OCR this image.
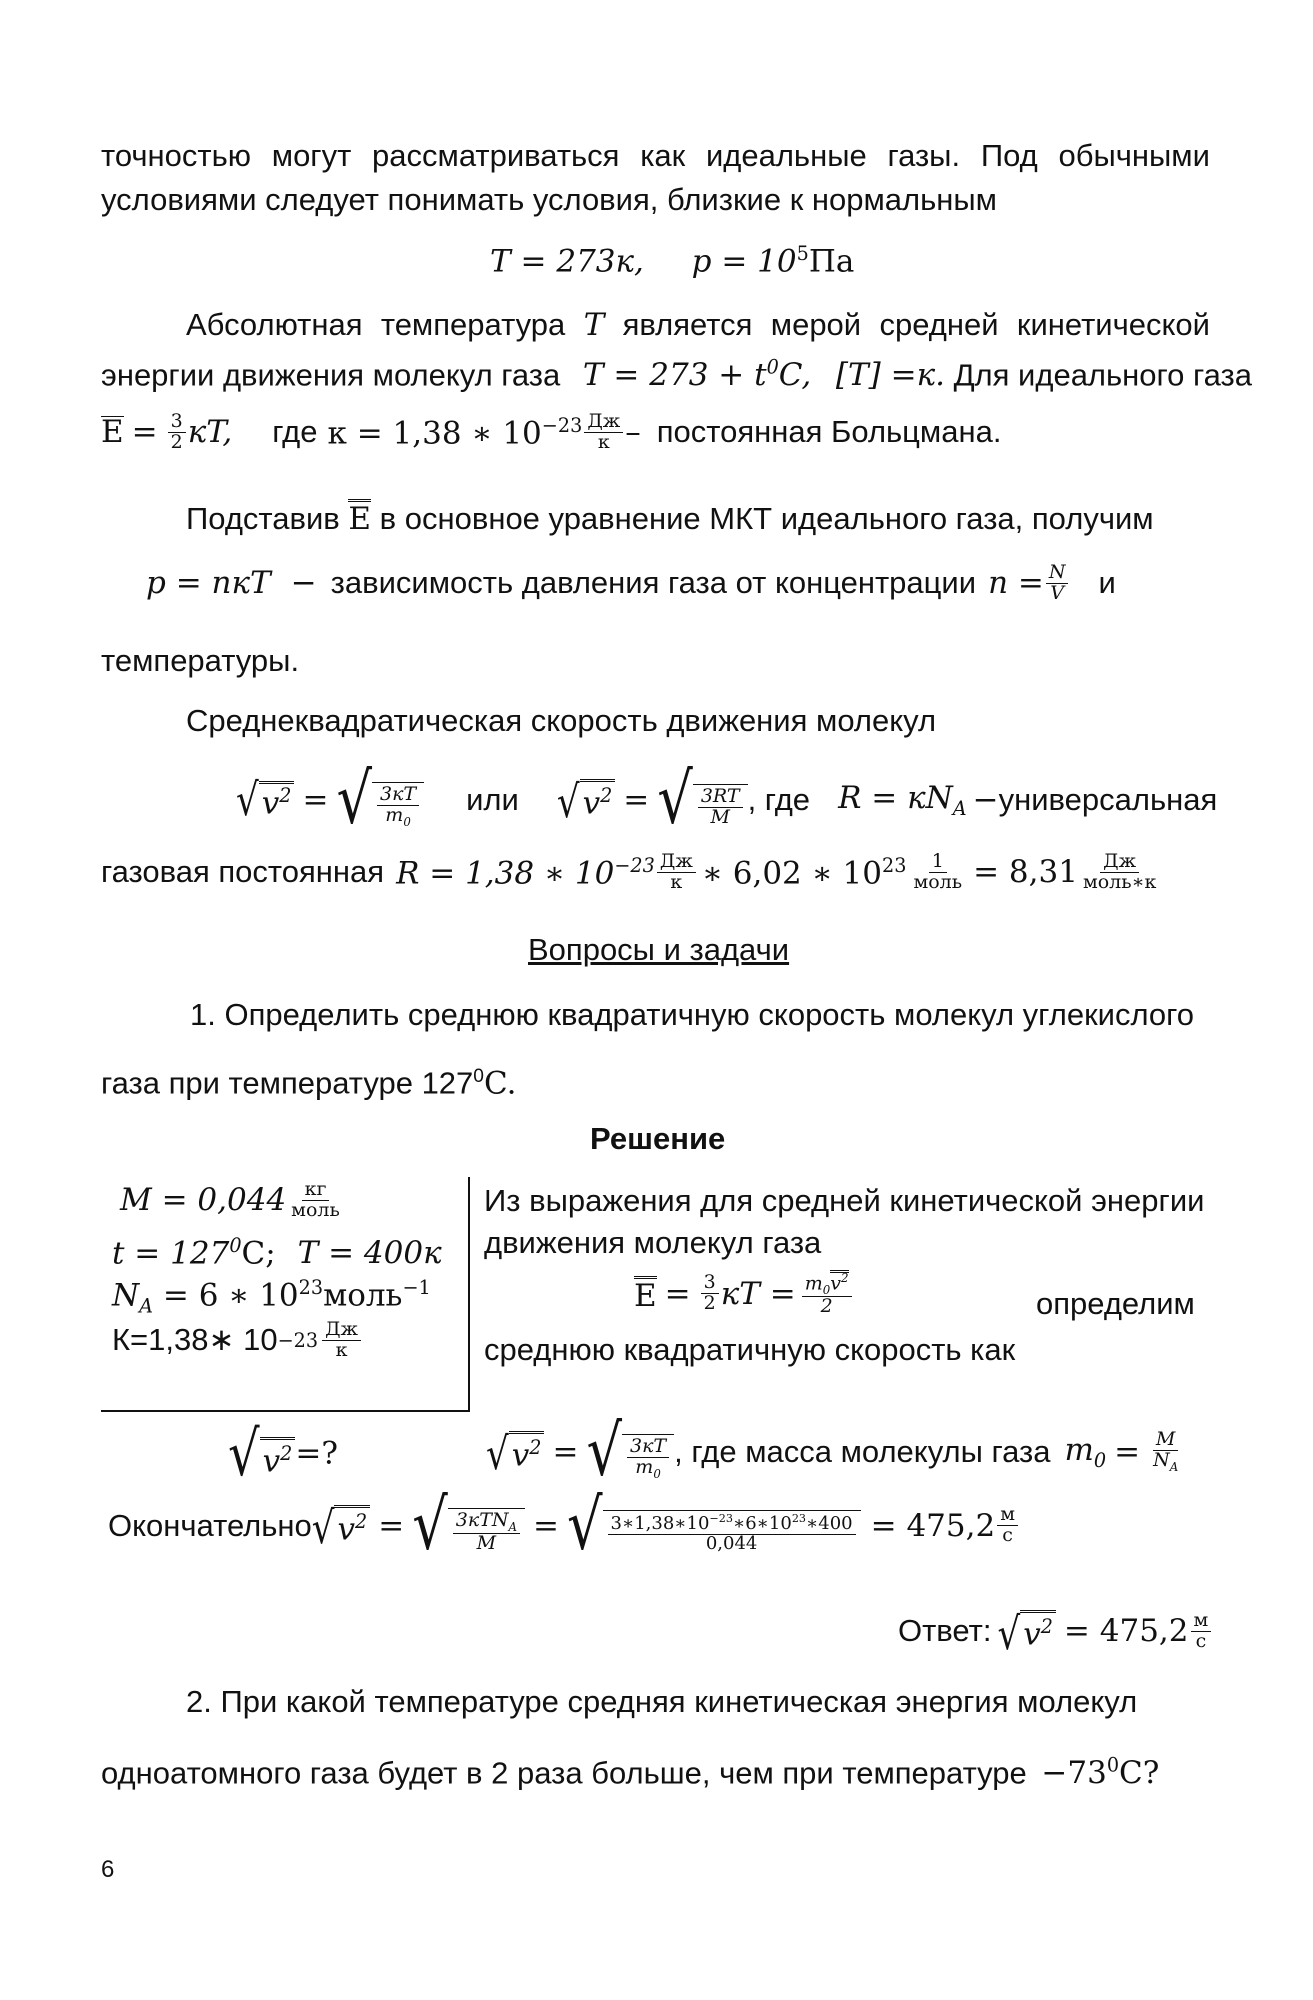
точностью могут рассматриваться как идеальные газы. Под обычными
условиями следует понимать условия, близкие к нормальным
T = 273к, $p = 10^5Па$
Абсолютная температура T является мерой средней кинетической
энергии движения молекул газа $T = 273 + t^0C$, [T] =к. Для идеального газа
$E = \frac{3}{2}$ кT, где к = 1,38 ∗ $10^{-23} \frac{Дж}{к}$ – постоянная Больцмана.
Подставив E в основное уравнение МКТ идеального газа, получим
p = nкT − зависимость давления газа от концентрации $n = \frac{N}{V}$ и
температуры.
Среднеквадратическая скорость движения молекул
√ $v^2$ = √ $\frac{3кT}{m_0}$ или √ $v^2$ = √ $\frac{3RT}{M}$ , где $R = кN_A$ − универсальная
газовая постоянная R = 1,38 ∗ $10^{-23} \frac{Дж}{к}$ ∗ 6,02 ∗ $10^{23} \frac{1}{\text{моль}} = 8,31 \frac{Дж}{\text{моль∗к}}$
Вопросы и задачи
1. Определить среднюю квадратичную скорость молекул углекислого
газа при температуре $127^0C$.
Решение
$M = 0,044 \frac{кг}{\text{моль}}$
$t = 127^0C$; T = 400к
$N_A = 6$ ∗ $10^{23}моль^{-1}$
К=1,38∗ $10 -23 \frac{Дж}{к}$
Из выражения для средней кинетической энергии
движения молекул газа
$E = \frac{3}{2}$ кT = $\frac{m_0v^2}{2}$	определим
среднюю квадратичную скорость как
√ $v^2$ =?	√ $v^2$ = √ $\frac{3кT}{m_0}$ , где масса молекулы газа $m_0 = \frac{M}{N_A}$
Окончательно √ $v^2$ = √ $\frac{3кTN_A}{M}$ = √ $\frac{3∗1,38∗10^{-23}∗6∗10^{23}∗400}{0,044} = 475,2 \frac{м}{с}$
Ответ: √ $v^2 = 475,2 \frac{м}{с}$
2. При какой температуре средняя кинетическая энергия молекул
одноатомного газа будет в 2 раза больше, чем при температуре $-73^0C$?
6
